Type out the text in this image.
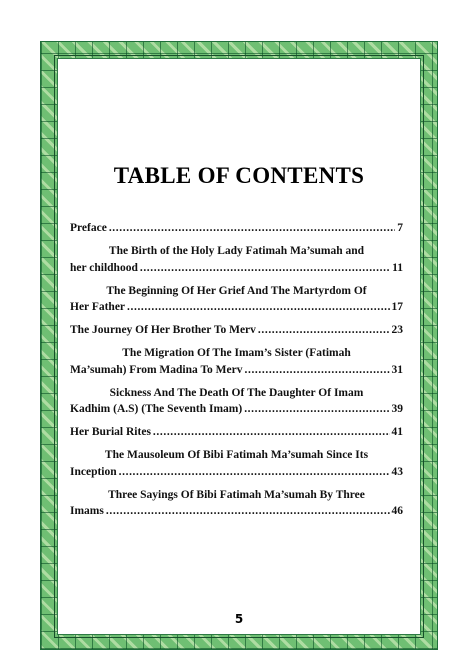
TABLE OF CONTENTS
Preface .....	7
The Birth of the Holy Lady Fatimah Ma’sumah and
her childhood .....	11
The Beginning Of Her Grief And The Martyrdom Of
Her Father .....	17
The Journey Of Her Brother To Merv .....	23
The Migration Of The Imam’s Sister (Fatimah
Ma’sumah) From Madina To Merv .....	31
Sickness And The Death Of The Daughter Of Imam
Kadhim (A.S) (The Seventh Imam) .....	39
Her Burial Rites .....	41
The Mausoleum Of Bibi Fatimah Ma’sumah Since Its
Inception .....	43
Three Sayings Of Bibi Fatimah Ma’sumah By Three
Imams .....	46
5
